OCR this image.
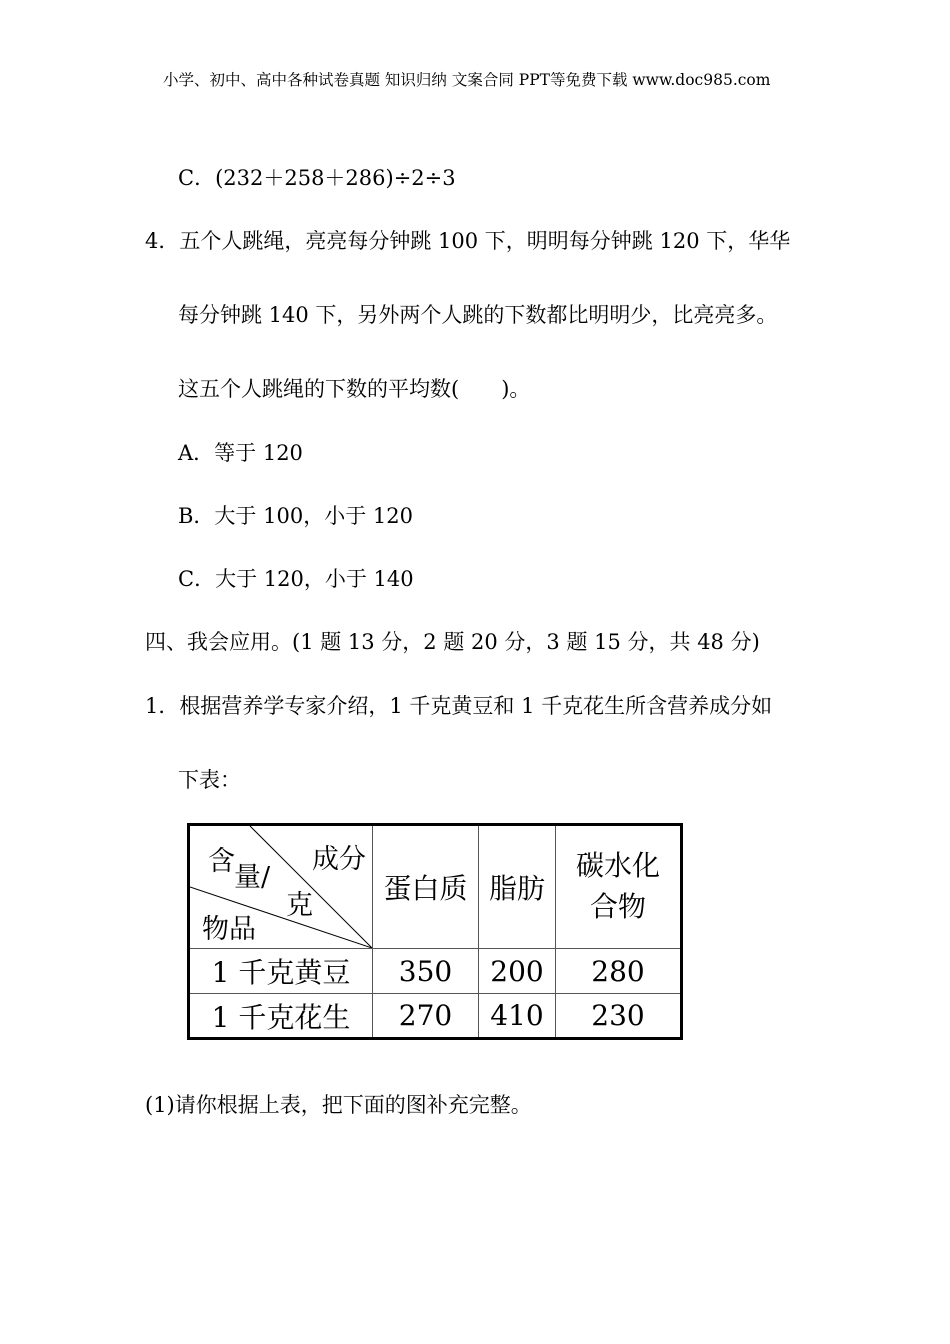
小学、初中、高中各种试卷真题 知识归纳 文案合同 PPT等免费下载 www.doc985.com
C．(232＋258＋286)÷2÷3
4．五个人跳绳，亮亮每分钟跳 100 下，明明每分钟跳 120 下，华华
每分钟跳 140 下，另外两个人跳的下数都比明明少，比亮亮多。
这五个人跳绳的下数的平均数(　　)。
A．等于 120
B．大于 100，小于 120
C．大于 120，小于 140
四、我会应用。(1 题 13 分，2 题 20 分，3 题 15 分，共 48 分)
1．根据营养学专家介绍，1 千克黄豆和 1 千克花生所含营养成分如
下表：
成分
含
量/
克
物品	蛋白质	脂肪	碳水化合物
1 千克黄豆	350	200	280
1 千克花生	270	410	230
(1)请你根据上表，把下面的图补充完整。
